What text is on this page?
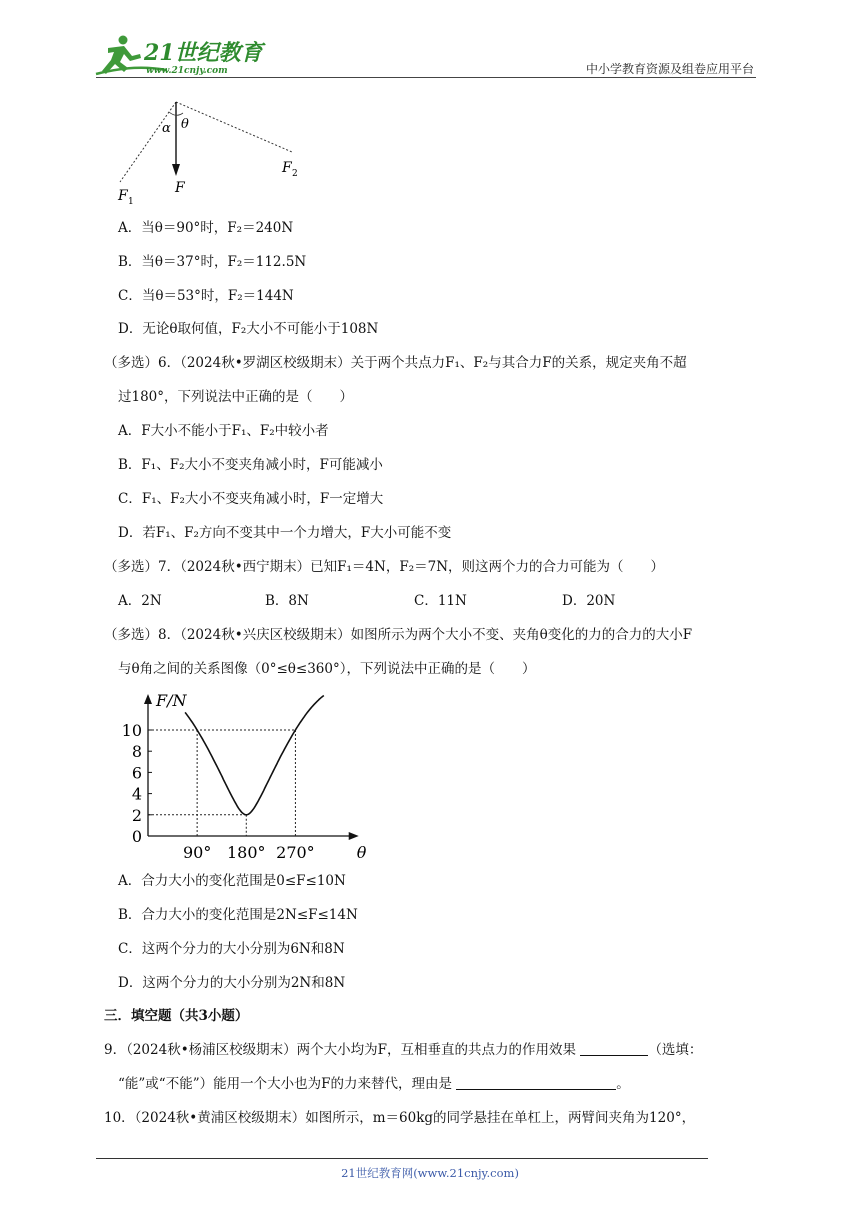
21世纪教育
www.21cnjy.com	中小学教育资源及组卷应用平台
α θ
F
F 1
F 2
A．当θ＝90°时，F₂＝240N
B．当θ＝37°时，F₂＝112.5N
C．当θ＝53°时，F₂＝144N
D．无论θ取何值，F₂大小不可能小于108N
（多选）6．（2024秋•罗湖区校级期末）关于两个共点力F₁、F₂与其合力F的关系，规定夹角不超
过180°，下列说法中正确的是（　　）
A．F大小不能小于F₁、F₂中较小者
B．F₁、F₂大小不变夹角减小时，F可能减小
C．F₁、F₂大小不变夹角减小时，F一定增大
D．若F₁、F₂方向不变其中一个力增大，F大小可能不变
（多选）7．（2024秋•西宁期末）已知F₁＝4N，F₂＝7N，则这两个力的合力可能为（　　）
A．2N	B．8N	C．11N	D．20N
（多选）8．（2024秋•兴庆区校级期末）如图所示为两个大小不变、夹角θ变化的力的合力的大小F
与θ角之间的关系图像（0°≤θ≤360°），下列说法中正确的是（　　）
10
8
6
4
2
0
90° 180° 270°
F/N
θ
A．合力大小的变化范围是0≤F≤10N
B．合力大小的变化范围是2N≤F≤14N
C．这两个分力的大小分别为6N和8N
D．这两个分力的大小分别为2N和8N
三．填空题（共3小题）
9．（2024秋•杨浦区校级期末）两个大小均为F，互相垂直的共点力的作用效果	（选填：
“能”或“不能”）能用一个大小也为F的力来替代，理由是	。
10．（2024秋•黄浦区校级期末）如图所示，m＝60kg的同学悬挂在单杠上，两臂间夹角为120°，
21世纪教育网(www.21cnjy.com)
